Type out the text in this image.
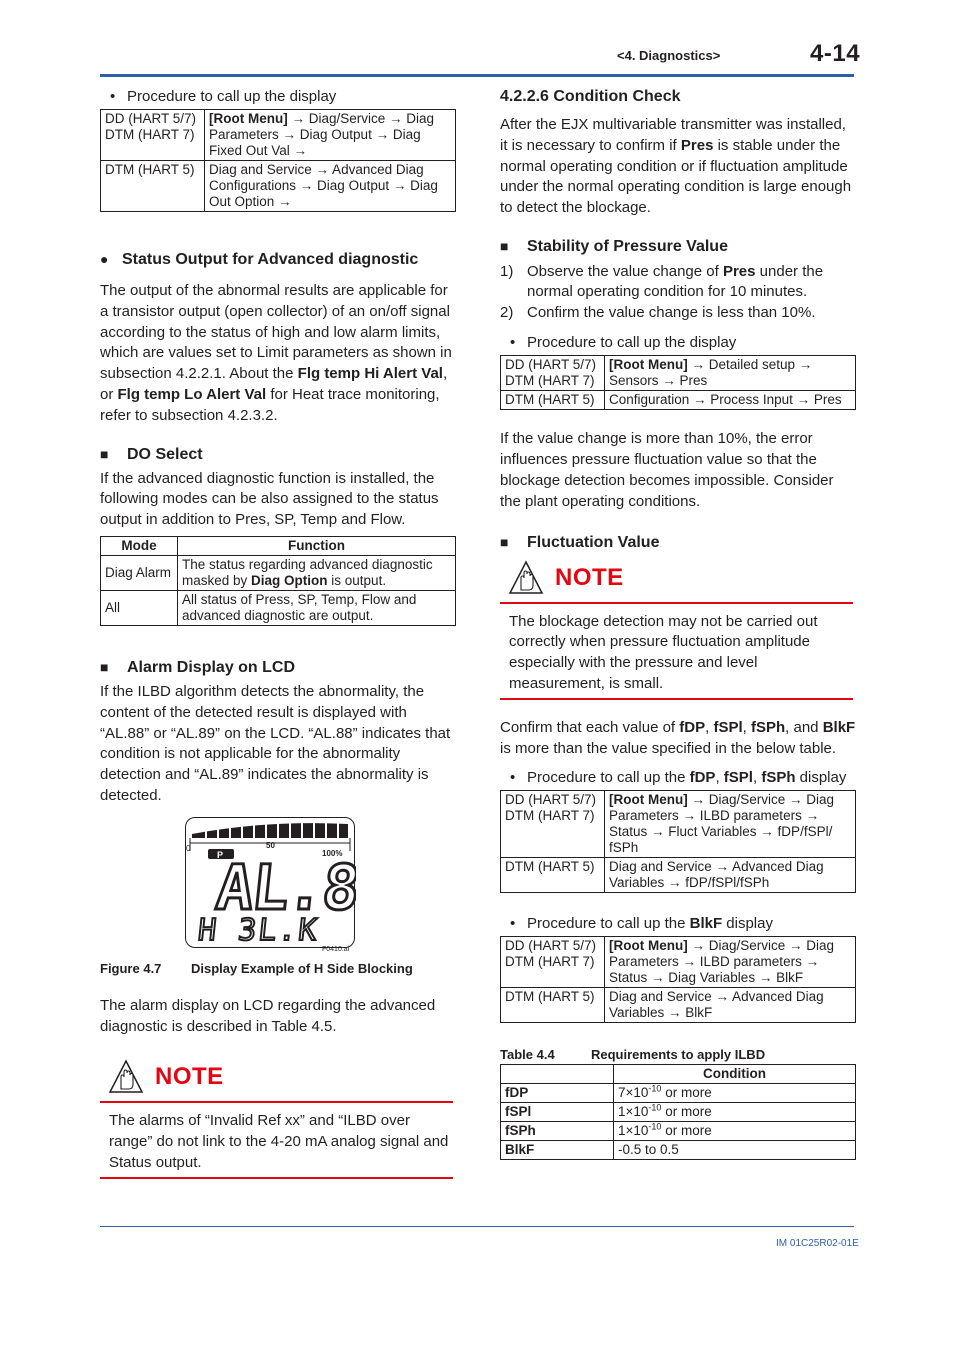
<4. Diagnostics>	4-14
IM 01C25R02-01E
• Procedure to call up the display
DD (HART 5/7)
DTM (HART 7)	[Root Menu] → Diag/Service → Diag Parameters → Diag Output → Diag Fixed Out Val →
DTM (HART 5)	Diag and Service → Advanced Diag Configurations → Diag Output → Diag Out Option →
● Status Output for Advanced diagnostic

The output of the abnormal results are applicable for a transistor output (open collector) of an on/off signal according to the status of high and low alarm limits, which are values set to Limit parameters as shown in subsection 4.2.2.1. About the Flg temp Hi Alert Val, or Flg temp Lo Alert Val for Heat trace monitoring, refer to subsection 4.2.3.2.

■ DO Select

If the advanced diagnostic function is installed, the following modes can be also assigned to the status output in addition to Pres, SP, Temp and Flow.

Mode	Function
Diag Alarm	The status regarding advanced diagnostic masked by Diag Option is output.
All	All status of Press, SP, Temp, Flow and advanced diagnostic are output.
■ Alarm Display on LCD

If the ILBD algorithm detects the abnormality, the content of the detected result is displayed with “AL.88” or “AL.89” on the LCD. “AL.88” indicates that condition is not applicable for the abnormality detection and “AL.89” indicates the abnormality is detected.

0	50
100%
P
AL.89
H 3L.K
F0410.ai
Figure 4.7 Display Example of H Side Blocking

The alarm display on LCD regarding the advanced diagnostic is described in Table 4.5.

NOTE
The alarms of “Invalid Ref xx” and “ILBD over range” do not link to the 4-20 mA analog signal and Status output.
4.2.2.6 Condition Check

After the EJX multivariable transmitter was installed, it is necessary to confirm if Pres is stable under the normal operating condition or if fluctuation amplitude under the normal operating condition is large enough to detect the blockage.

■ Stability of Pressure Value
1) Observe the value change of Pres under the normal operating condition for 10 minutes.
2) Confirm the value change is less than 10%.
• Procedure to call up the display
DD (HART 5/7)
DTM (HART 7)	[Root Menu] → Detailed setup → Sensors → Pres
DTM (HART 5)	Configuration → Process Input → Pres

If the value change is more than 10%, the error influences pressure fluctuation value so that the blockage detection becomes impossible. Consider the plant operating conditions.

■ Fluctuation Value
NOTE
The blockage detection may not be carried out correctly when pressure fluctuation amplitude especially with the pressure and level measurement, is small.

Confirm that each value of fDP, fSPl, fSPh, and BlkF is more than the value specified in the below table.

• Procedure to call up the fDP, fSPl, fSPh display
DD (HART 5/7)
DTM (HART 7)	[Root Menu] → Diag/Service → Diag Parameters → ILBD parameters → Status → Fluct Variables → fDP/fSPl/ fSPh
DTM (HART 5)	Diag and Service → Advanced Diag Variables → fDP/fSPl/fSPh
• Procedure to call up the BlkF display
DD (HART 5/7)
DTM (HART 7)	[Root Menu] → Diag/Service → Diag Parameters → ILBD parameters → Status → Diag Variables → BlkF
DTM (HART 5)	Diag and Service → Advanced Diag Variables → BlkF
Table 4.4	Requirements to apply ILBD
	Condition
fDP	$7\times 10^{-10}$ or more
fSPl	$1\times 10^{-10}$ or more
fSPh	$1\times 10^{-10}$ or more
BlkF	-0.5 to 0.5
